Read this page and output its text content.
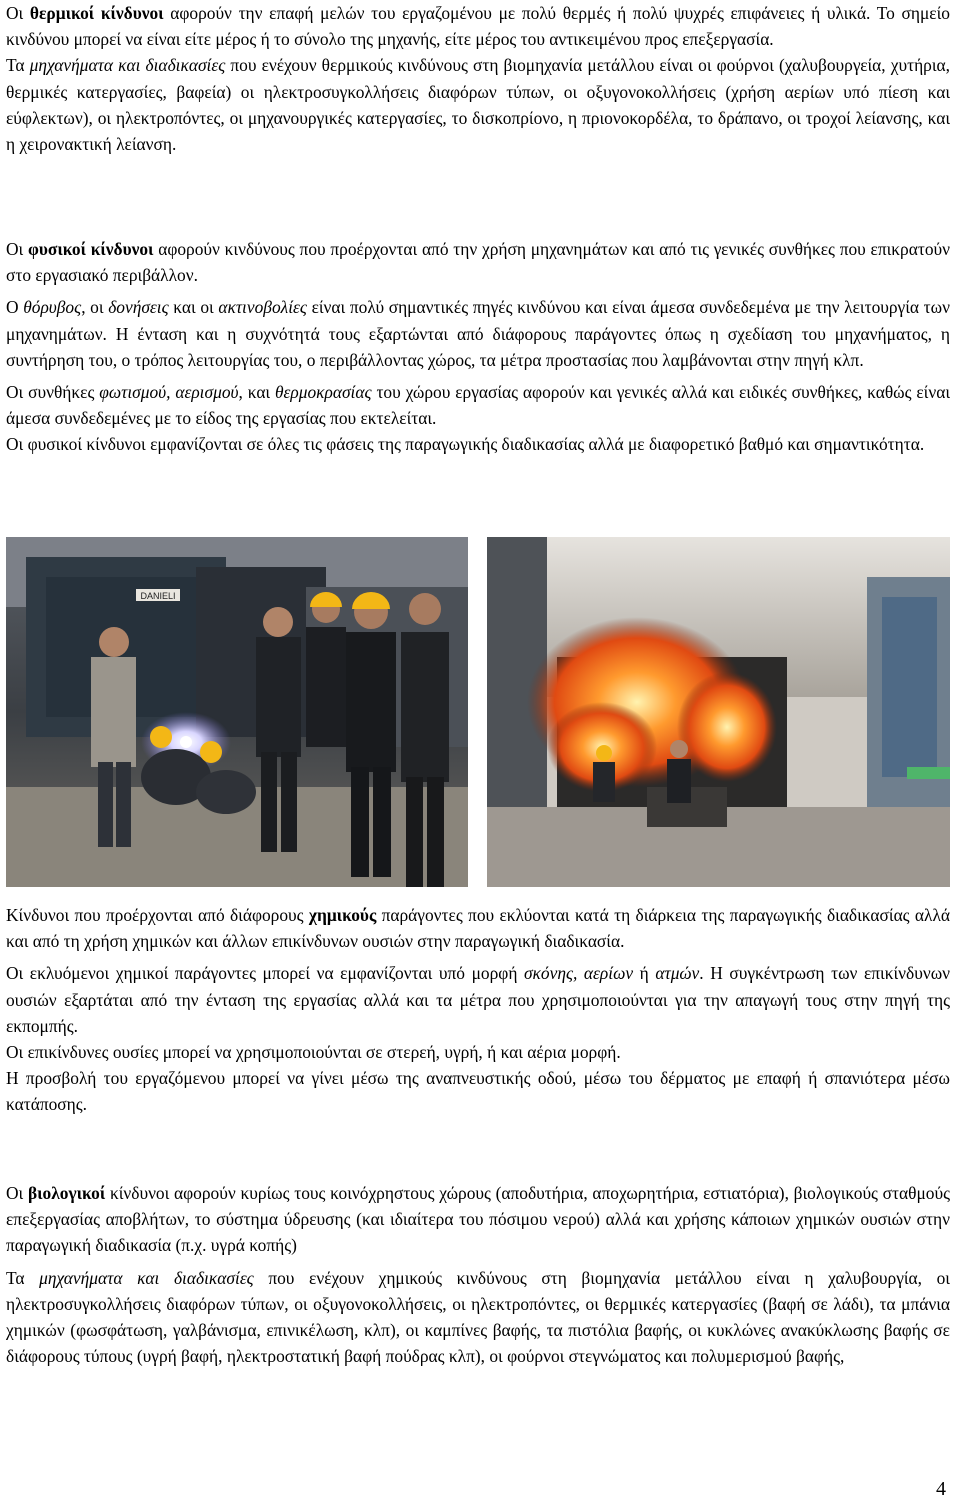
Οι θερμικοί κίνδυνοι αφορούν την επαφή μελών του εργαζομένου με πολύ θερμές ή πολύ ψυχρές επιφάνειες ή υλικά. Το σημείο κινδύνου μπορεί να είναι είτε μέρος ή το σύνολο της μηχανής, είτε μέρος του αντικειμένου προς επεξεργασία.

Τα μηχανήματα και διαδικασίες που ενέχουν θερμικούς κινδύνους στη βιομηχανία μετάλλου είναι οι φούρνοι (χαλυβουργεία, χυτήρια, θερμικές κατεργασίες, βαφεία) οι ηλεκτροσυγκολλήσεις διαφόρων τύπων, οι οξυγονοκολλήσεις (χρήση αερίων υπό πίεση και εύφλεκτων), οι ηλεκτροπόντες, οι μηχανουργικές κατεργασίες, το δισκοπρίονο, η πριονοκορδέλα, το δράπανο, οι τροχοί λείανσης, και η χειρονακτική λείανση.

Οι φυσικοί κίνδυνοι αφορούν κινδύνους που προέρχονται από την χρήση μηχανημάτων και από τις γενικές συνθήκες που επικρατούν στο εργασιακό περιβάλλον.

Ο θόρυβος, οι δονήσεις και οι ακτινοβολίες είναι πολύ σημαντικές πηγές κινδύνου και είναι άμεσα συνδεδεμένα με την λειτουργία των μηχανημάτων. Η ένταση και η συχνότητά τους εξαρτώνται από διάφορους παράγοντες όπως η σχεδίαση του μηχανήματος, η συντήρηση του, ο τρόπος λειτουργίας του, ο περιβάλλοντας χώρος, τα μέτρα προστασίας που λαμβάνονται στην πηγή κλπ.

Οι συνθήκες φωτισμού, αερισμού, και θερμοκρασίας του χώρου εργασίας αφορούν και γενικές αλλά και ειδικές συνθήκες, καθώς είναι άμεσα συνδεδεμένες με το είδος της εργασίας που εκτελείται.

Οι φυσικοί κίνδυνοι εμφανίζονται σε όλες τις φάσεις της παραγωγικής διαδικασίας αλλά με διαφορετικό βαθμό και σημαντικότητα.

DANIELI

Κίνδυνοι που προέρχονται από διάφορους χημικούς παράγοντες που εκλύονται κατά τη διάρκεια της παραγωγικής διαδικασίας αλλά και από τη χρήση χημικών και άλλων επικίνδυνων ουσιών στην παραγωγική διαδικασία.

Οι εκλυόμενοι χημικοί παράγοντες μπορεί να εμφανίζονται υπό μορφή σκόνης, αερίων ή ατμών. Η συγκέντρωση των επικίνδυνων ουσιών εξαρτάται από την ένταση της εργασίας αλλά και τα μέτρα που χρησιμοποιούνται για την απαγωγή τους στην πηγή της εκπομπής.

Οι επικίνδυνες ουσίες μπορεί να χρησιμοποιούνται σε στερεή, υγρή, ή και αέρια μορφή.

Η προσβολή του εργαζόμενου μπορεί να γίνει μέσω της αναπνευστικής οδού, μέσω του δέρματος με επαφή ή σπανιότερα μέσω κατάποσης.

Οι βιολογικοί κίνδυνοι αφορούν κυρίως τους κοινόχρηστους χώρους (αποδυτήρια, αποχωρητήρια, εστιατόρια), βιολογικούς σταθμούς επεξεργασίας αποβλήτων, το σύστημα ύδρευσης (και ιδιαίτερα του πόσιμου νερού) αλλά και χρήσης κάποιων χημικών ουσιών στην παραγωγική διαδικασία (π.χ. υγρά κοπής)

Τα μηχανήματα και διαδικασίες που ενέχουν χημικούς κινδύνους στη βιομηχανία μετάλλου είναι η χαλυβουργία, οι ηλεκτροσυγκολλήσεις διαφόρων τύπων, οι οξυγονοκολλήσεις, οι ηλεκτροπόντες, οι θερμικές κατεργασίες (βαφή σε λάδι), τα μπάνια χημικών (φωσφάτωση, γαλβάνισμα, επινικέλωση, κλπ), οι καμπίνες βαφής, τα πιστόλια βαφής, οι κυκλώνες ανακύκλωσης βαφής σε διάφορους τύπους (υγρή βαφή, ηλεκτροστατική βαφή πούδρας κλπ), οι φούρνοι στεγνώματος και πολυμερισμού βαφής,

4
